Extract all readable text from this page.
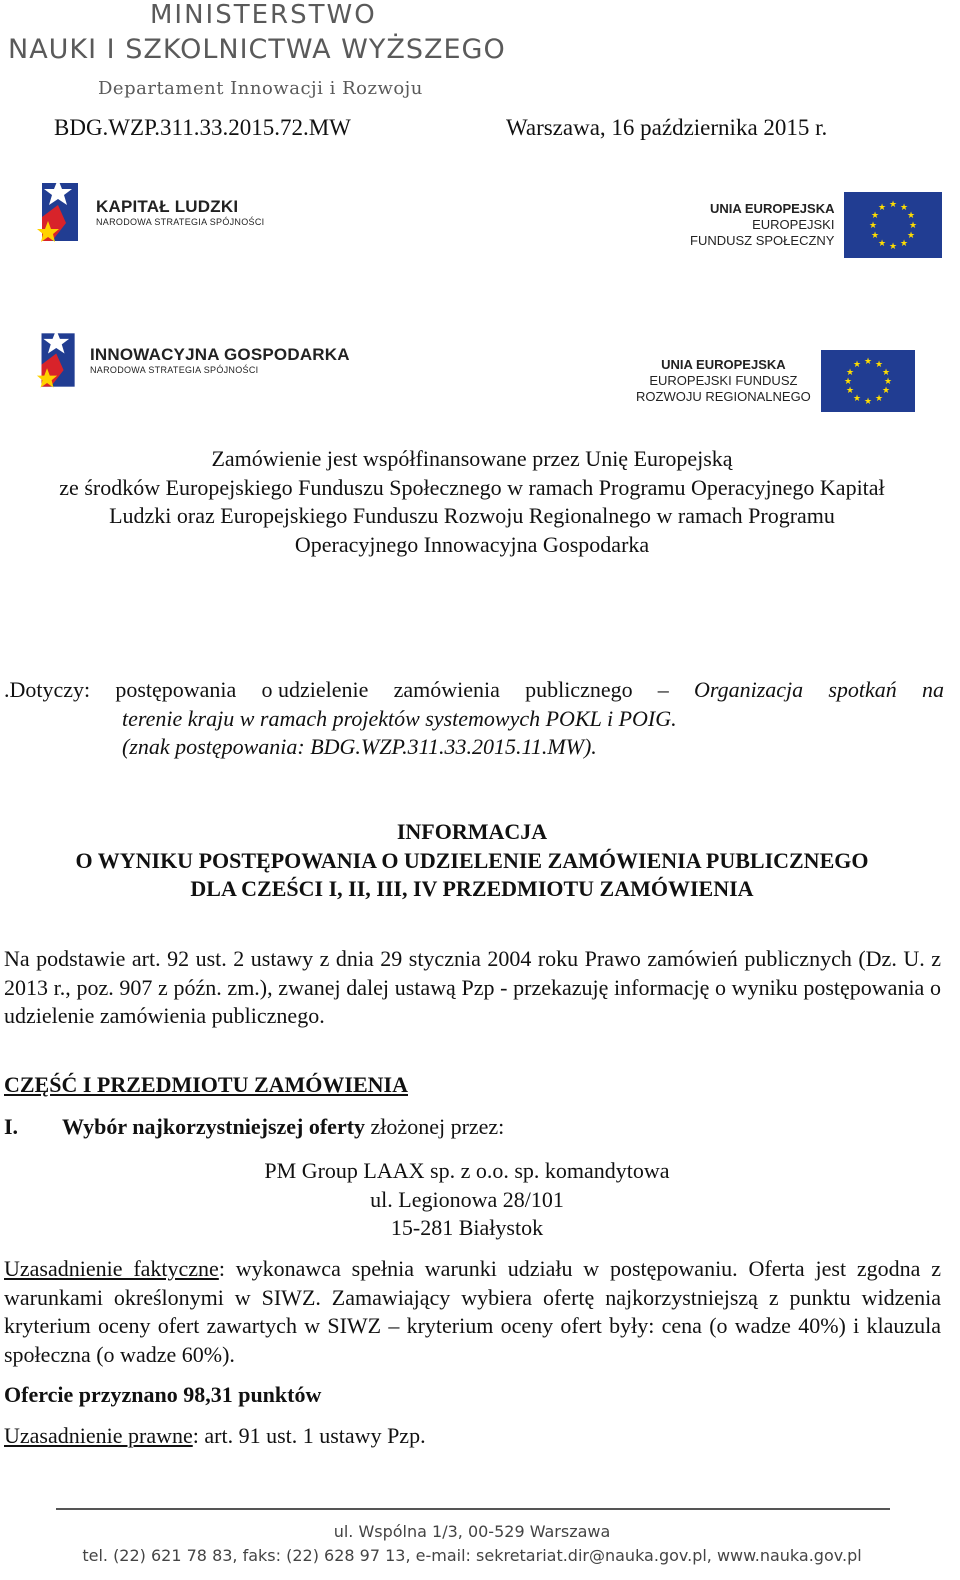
MINISTERSTWO
NAUKI I SZKOLNICTWA WYŻSZEGO
Departament Innowacji i Rozwoju
BDG.WZP.311.33.2015.72.MW	Warszawa, 16 października 2015 r.
KAPITAŁ LUDZKI
NARODOWA STRATEGIA SPÓJNOŚCI
UNIA EUROPEJSKA
EUROPEJSKI
FUNDUSZ SPOŁECZNY
★ ★
★
★
★
★
★
★
★
★
★
★
INNOWACYJNA GOSPODARKA
NARODOWA STRATEGIA SPÓJNOŚCI	UNIA EUROPEJSKA
EUROPEJSKI FUNDUSZ
ROZWOJU REGIONALNEGO
★ ★
★
★
★
★
★
★
★
★
★
★
Zamówienie jest współfinansowane przez Unię Europejską
ze środków Europejskiego Funduszu Społecznego w ramach Programu Operacyjnego Kapitał
Ludzki oraz Europejskiego Funduszu Rozwoju Regionalnego w ramach Programu
Operacyjnego Innowacyjna Gospodarka
.Dotyczy: postępowania o udzielenie zamówienia publicznego – Organizacja spotkań na
terenie kraju w ramach projektów systemowych POKL i POIG.
(znak postępowania: BDG.WZP.311.33.2015.11.MW).
INFORMACJA
O WYNIKU POSTĘPOWANIA O UDZIELENIE ZAMÓWIENIA PUBLICZNEGO
DLA CZEŚCI I, II, III, IV PRZEDMIOTU ZAMÓWIENIA
Na podstawie art. 92 ust. 2 ustawy z dnia 29 stycznia 2004 roku Prawo zamówień publicznych (Dz. U. z 2013 r., poz. 907 z późn. zm.), zwanej dalej ustawą Pzp - przekazuję informację o wyniku postępowania o udzielenie zamówienia publicznego.
CZĘŚĆ I PRZEDMIOTU ZAMÓWIENIA
I. Wybór najkorzystniejszej oferty złożonej przez:
PM Group LAAX sp. z o.o. sp. komandytowa
ul. Legionowa 28/101
15-281 Białystok
Uzasadnienie faktyczne: wykonawca spełnia warunki udziału w postępowaniu. Oferta jest zgodna z warunkami określonymi w SIWZ. Zamawiający wybiera ofertę najkorzystniejszą z punktu widzenia kryterium oceny ofert zawartych w SIWZ – kryterium oceny ofert były: cena (o wadze 40%) i klauzula społeczna (o wadze 60%).
Ofercie przyznano 98,31 punktów
Uzasadnienie prawne: art. 91 ust. 1 ustawy Pzp.
ul. Wspólna 1/3, 00-529 Warszawa
tel. (22) 621 78 83, faks: (22) 628 97 13, e-mail: sekretariat.dir@nauka.gov.pl, www.nauka.gov.pl
